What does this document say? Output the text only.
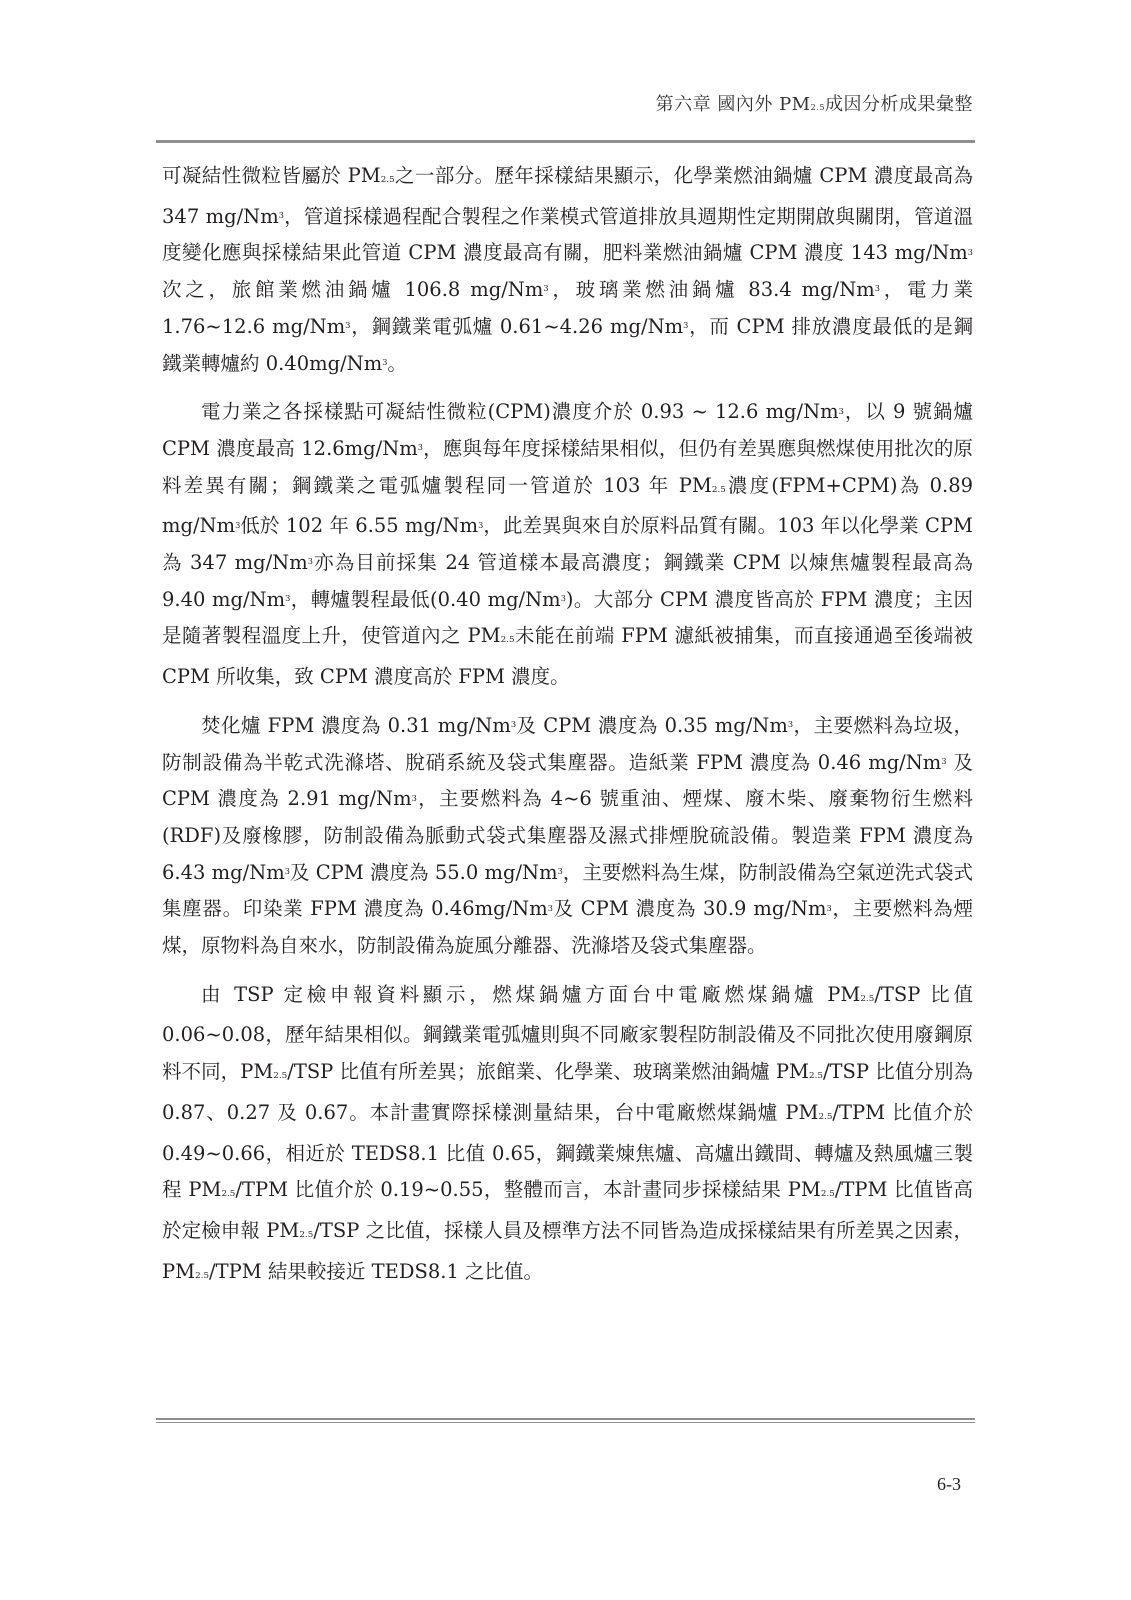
第六章 國內外 PM2.5成因分析成果彙整

可凝結性微粒皆屬於 PM2.5之一部分。歷年採樣結果顯示，化學業燃油鍋爐 CPM 濃度最高為 347 mg/Nm$^3$，管道採樣過程配合製程之作業模式管道排放具週期性定期開啟與關閉，管道溫度變化應與採樣結果此管道 CPM 濃度最高有關，肥料業燃油鍋爐 CPM 濃度 143 mg/Nm$^3$次之，旅館業燃油鍋爐 106.8 mg/Nm$^3$，玻璃業燃油鍋爐 83.4 mg/Nm$^3$，電力業 1.76~12.6 mg/Nm$^3$，鋼鐵業電弧爐 0.61~4.26 mg/Nm$^3$，而 CPM 排放濃度最低的是鋼鐵業轉爐約 0.40mg/Nm$^3$。

電力業之各採樣點可凝結性微粒(CPM)濃度介於 0.93 ~ 12.6 mg/Nm$^3$，以 9 號鍋爐 CPM 濃度最高 12.6mg/Nm$^3$，應與每年度採樣結果相似，但仍有差異應與燃煤使用批次的原料差異有關；鋼鐵業之電弧爐製程同一管道於 103 年 PM2.5濃度(FPM+CPM)為 0.89 mg/Nm$^3$低於 102 年 6.55 mg/Nm$^3$，此差異與來自於原料品質有關。103 年以化學業 CPM 為 347 mg/Nm$^3$亦為目前採集 24 管道樣本最高濃度；鋼鐵業 CPM 以煉焦爐製程最高為 9.40 mg/Nm$^3$，轉爐製程最低(0.40 mg/Nm$^3$)。大部分 CPM 濃度皆高於 FPM 濃度；主因是隨著製程溫度上升，使管道內之 PM2.5未能在前端 FPM 濾紙被捕集，而直接通過至後端被 CPM 所收集，致 CPM 濃度高於 FPM 濃度。

焚化爐 FPM 濃度為 0.31 mg/Nm$^3$及 CPM 濃度為 0.35 mg/Nm$^3$，主要燃料為垃圾，防制設備為半乾式洗滌塔、脫硝系統及袋式集塵器。造紙業 FPM 濃度為 0.46 mg/Nm$^3$ 及 CPM 濃度為 2.91 mg/Nm$^3$，主要燃料為 4~6 號重油、煙煤、廢木柴、廢棄物衍生燃料(RDF)及廢橡膠，防制設備為脈動式袋式集塵器及濕式排煙脫硫設備。製造業 FPM 濃度為 6.43 mg/Nm$^3$及 CPM 濃度為 55.0 mg/Nm$^3$，主要燃料為生煤，防制設備為空氣逆洗式袋式集塵器。印染業 FPM 濃度為 0.46mg/Nm$^3$及 CPM 濃度為 30.9 mg/Nm$^3$，主要燃料為煙煤，原物料為自來水，防制設備為旋風分離器、洗滌塔及袋式集塵器。

由 TSP 定檢申報資料顯示，燃煤鍋爐方面台中電廠燃煤鍋爐 PM2.5/TSP 比值 0.06~0.08，歷年結果相似。鋼鐵業電弧爐則與不同廠家製程防制設備及不同批次使用廢鋼原料不同，PM2.5/TSP 比值有所差異；旅館業、化學業、玻璃業燃油鍋爐 PM2.5/TSP 比值分別為 0.87、0.27 及 0.67。本計畫實際採樣測量結果，台中電廠燃煤鍋爐 PM2.5/TPM 比值介於 0.49~0.66，相近於 TEDS8.1 比值 0.65，鋼鐵業煉焦爐、高爐出鐵間、轉爐及熱風爐三製程 PM2.5/TPM 比值介於 0.19~0.55，整體而言，本計畫同步採樣結果 PM2.5/TPM 比值皆高於定檢申報 PM2.5/TSP 之比值，採樣人員及標準方法不同皆為造成採樣結果有所差異之因素，PM2.5/TPM 結果較接近 TEDS8.1 之比值。

6-3
